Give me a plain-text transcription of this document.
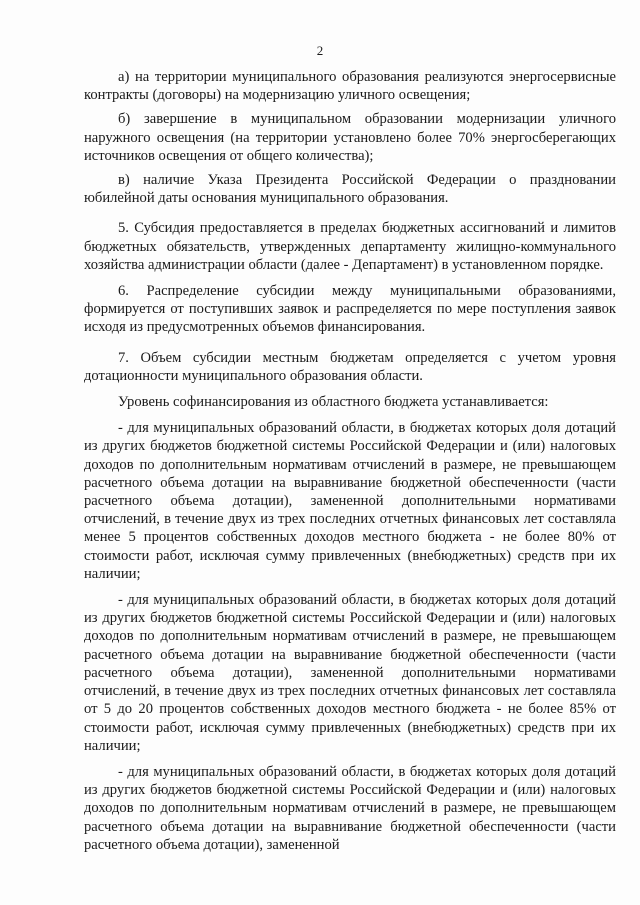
2

а) на территории муниципального образования реализуются энергосервисные контракты (договоры) на модернизацию уличного освещения;

б) завершение в муниципальном образовании модернизации уличного наружного освещения (на территории установлено более 70% энергосберегающих источников освещения от общего количества);

в) наличие Указа Президента Российской Федерации о праздновании юбилейной даты основания муниципального образования.

5. Субсидия предоставляется в пределах бюджетных ассигнований и лимитов бюджетных обязательств, утвержденных департаменту жилищно-коммунального хозяйства администрации области (далее - Департамент) в установленном порядке.

6. Распределение субсидии между муниципальными образованиями, формируется от поступивших заявок и распределяется по мере поступления заявок исходя из предусмотренных объемов финансирования.

7. Объем субсидии местным бюджетам определяется с учетом уровня дотационности муниципального образования области.

Уровень софинансирования из областного бюджета устанавливается:

- для муниципальных образований области, в бюджетах которых доля дотаций из других бюджетов бюджетной системы Российской Федерации и (или) налоговых доходов по дополнительным нормативам отчислений в размере, не превышающем расчетного объема дотации на выравнивание бюджетной обеспеченности (части расчетного объема дотации), замененной дополнительными нормативами отчислений, в течение двух из трех последних отчетных финансовых лет составляла менее 5 процентов собственных доходов местного бюджета - не более 80% от стоимости работ, исключая сумму привлеченных (внебюджетных) средств при их наличии;

- для муниципальных образований области, в бюджетах которых доля дотаций из других бюджетов бюджетной системы Российской Федерации и (или) налоговых доходов по дополнительным нормативам отчислений в размере, не превышающем расчетного объема дотации на выравнивание бюджетной обеспеченности (части расчетного объема дотации), замененной дополнительными нормативами отчислений, в течение двух из трех последних отчетных финансовых лет составляла от 5 до 20 процентов собственных доходов местного бюджета - не более 85% от стоимости работ, исключая сумму привлеченных (внебюджетных) средств при их наличии;

- для муниципальных образований области, в бюджетах которых доля дотаций из других бюджетов бюджетной системы Российской Федерации и (или) налоговых доходов по дополнительным нормативам отчислений в размере, не превышающем расчетного объема дотации на выравнивание бюджетной обеспеченности (части расчетного объема дотации), замененной
